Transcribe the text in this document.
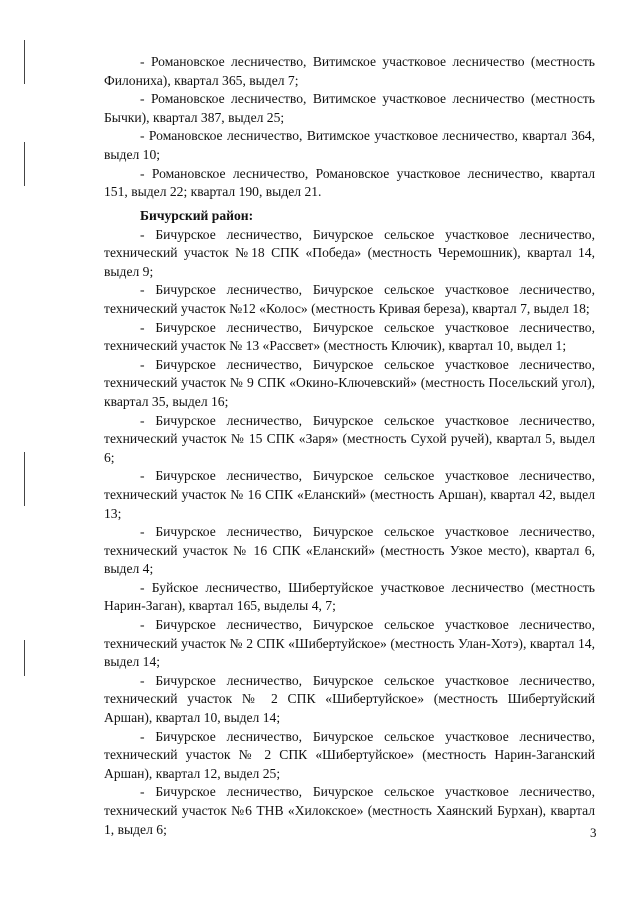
- Романовское лесничество, Витимское участковое лесничество (местность Филониха), квартал 365, выдел 7;

- Романовское лесничество, Витимское участковое лесничество (местность Бычки), квартал 387, выдел 25;

- Романовское лесничество, Витимское участковое лесничество, квартал 364, выдел 10;

- Романовское лесничество, Романовское участковое лесничество, квартал 151, выдел 22; квартал 190, выдел 21.

Бичурский район:

- Бичурское лесничество, Бичурское сельское участковое лесничество, технический участок №18 СПК «Победа» (местность Черемошник), квартал 14, выдел 9;

- Бичурское лесничество, Бичурское сельское участковое лесничество, технический участок №12 «Колос» (местность Кривая береза), квартал 7, выдел 18;

- Бичурское лесничество, Бичурское сельское участковое лесничество, технический участок № 13 «Рассвет» (местность Ключик), квартал 10, выдел 1;

- Бичурское лесничество, Бичурское сельское участковое лесничество, технический участок № 9 СПК «Окино-Ключевский» (местность Посельский угол), квартал 35, выдел 16;

- Бичурское лесничество, Бичурское сельское участковое лесничество, технический участок № 15 СПК «Заря» (местность Сухой ручей), квартал 5, выдел 6;

- Бичурское лесничество, Бичурское сельское участковое лесничество, технический участок № 16 СПК «Еланский» (местность Аршан), квартал 42, выдел 13;

- Бичурское лесничество, Бичурское сельское участковое лесничество, технический участок № 16 СПК «Еланский» (местность Узкое место), квартал 6, выдел 4;

- Буйское лесничество, Шибертуйское участковое лесничество (местность Нарин-Заган), квартал 165, выделы 4, 7;

- Бичурское лесничество, Бичурское сельское участковое лесничество, технический участок № 2 СПК «Шибертуйское» (местность Улан-Хотэ), квартал 14, выдел 14;

- Бичурское лесничество, Бичурское сельское участковое лесничество, технический участок № 2 СПК «Шибертуйское» (местность Шибертуйский Аршан), квартал 10, выдел 14;

- Бичурское лесничество, Бичурское сельское участковое лесничество, технический участок № 2 СПК «Шибертуйское» (местность Нарин-Заганский Аршан), квартал 12, выдел 25;

- Бичурское лесничество, Бичурское сельское участковое лесничество, технический участок №6 ТНВ «Хилокское» (местность Хаянский Бурхан), квартал 1, выдел 6;	3
